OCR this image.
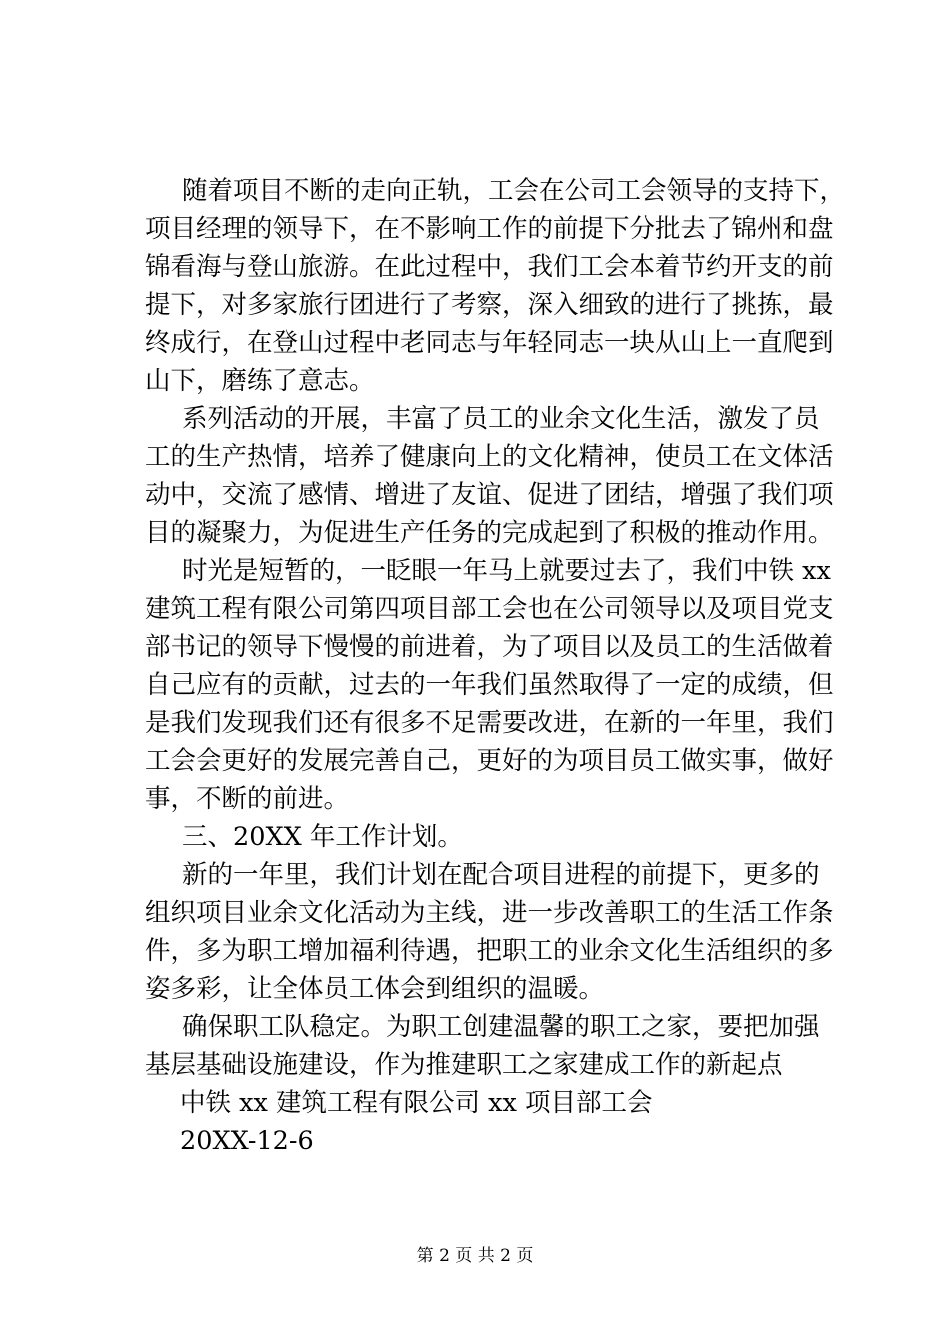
随着项目不断的走向正轨，工会在公司工会领导的支持下，
项目经理的领导下，在不影响工作的前提下分批去了锦州和盘
锦看海与登山旅游。在此过程中，我们工会本着节约开支的前
提下，对多家旅行团进行了考察，深入细致的进行了挑拣，最
终成行，在登山过程中老同志与年轻同志一块从山上一直爬到
山下，磨练了意志。
系列活动的开展，丰富了员工的业余文化生活，激发了员
工的生产热情，培养了健康向上的文化精神，使员工在文体活
动中，交流了感情、增进了友谊、促进了团结，增强了我们项
目的凝聚力，为促进生产任务的完成起到了积极的推动作用。
时光是短暂的，一眨眼一年马上就要过去了，我们中铁 xx
建筑工程有限公司第四项目部工会也在公司领导以及项目党支
部书记的领导下慢慢的前进着，为了项目以及员工的生活做着
自己应有的贡献，过去的一年我们虽然取得了一定的成绩，但
是我们发现我们还有很多不足需要改进，在新的一年里，我们
工会会更好的发展完善自己，更好的为项目员工做实事，做好
事，不断的前进。
三、20XX 年工作计划。
新的一年里，我们计划在配合项目进程的前提下，更多的
组织项目业余文化活动为主线，进一步改善职工的生活工作条
件，多为职工增加福利待遇，把职工的业余文化生活组织的多
姿多彩，让全体员工体会到组织的温暖。
确保职工队稳定。为职工创建温馨的职工之家，要把加强
基层基础设施建设，作为推建职工之家建成工作的新起点

中铁 xx 建筑工程有限公司 xx 项目部工会

20XX-12-6

第 2 页 共 2 页
